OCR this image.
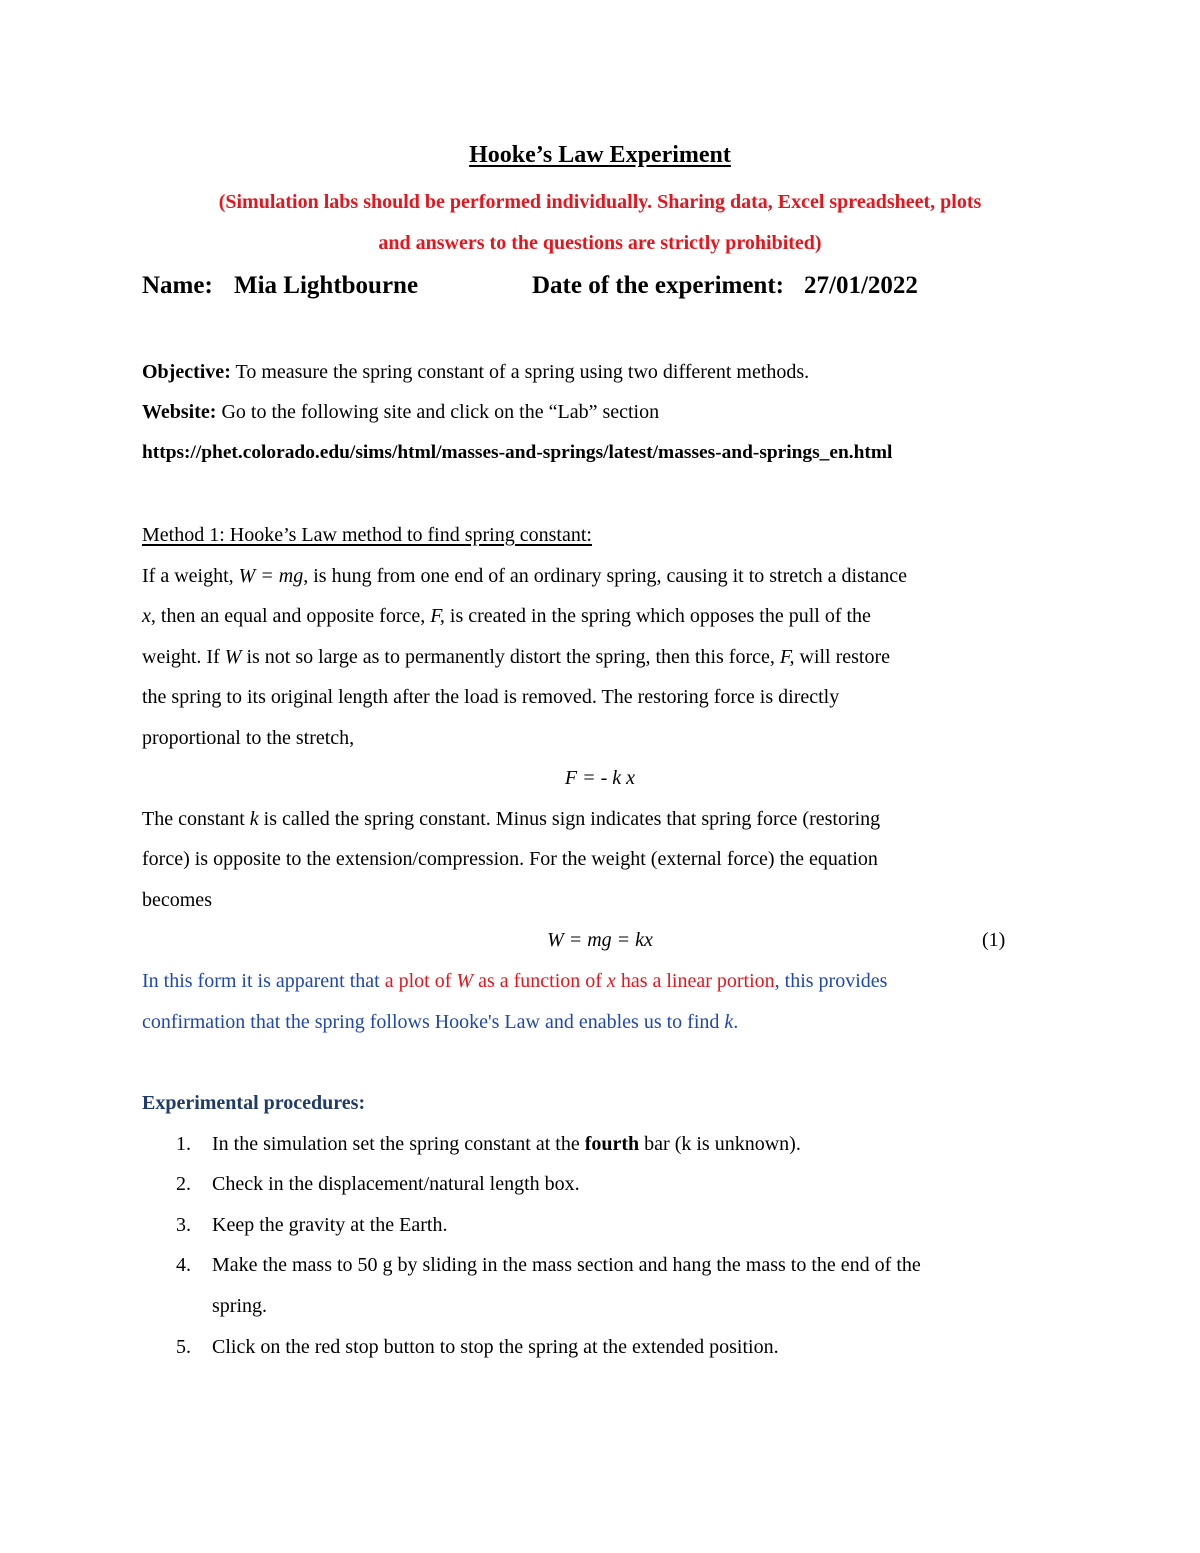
Hooke’s Law Experiment
(Simulation labs should be performed individually. Sharing data, Excel spreadsheet, plots
and answers to the questions are strictly prohibited)
Name: Mia Lightbourne	Date of the experiment: 27/01/2022
Objective: To measure the spring constant of a spring using two different methods.
Website: Go to the following site and click on the “Lab” section
https://phet.colorado.edu/sims/html/masses-and-springs/latest/masses-and-springs_en.html
Method 1: Hooke’s Law method to find spring constant:
If a weight, W = mg, is hung from one end of an ordinary spring, causing it to stretch a distance
x, then an equal and opposite force, F, is created in the spring which opposes the pull of the
weight. If W is not so large as to permanently distort the spring, then this force, F, will restore
the spring to its original length after the load is removed. The restoring force is directly
proportional to the stretch,
F = - k x
The constant k is called the spring constant. Minus sign indicates that spring force (restoring
force) is opposite to the extension/compression. For the weight (external force) the equation
becomes
W = mg = kx	(1)
In this form it is apparent that a plot of W as a function of x has a linear portion, this provides
confirmation that the spring follows Hooke's Law and enables us to find k.
Experimental procedures:
1.	In the simulation set the spring constant at the fourth bar (k is unknown).
2.	Check in the displacement/natural length box.
3.	Keep the gravity at the Earth.
4.	Make the mass to 50 g by sliding in the mass section and hang the mass to the end of the
spring.
5.	Click on the red stop button to stop the spring at the extended position.
